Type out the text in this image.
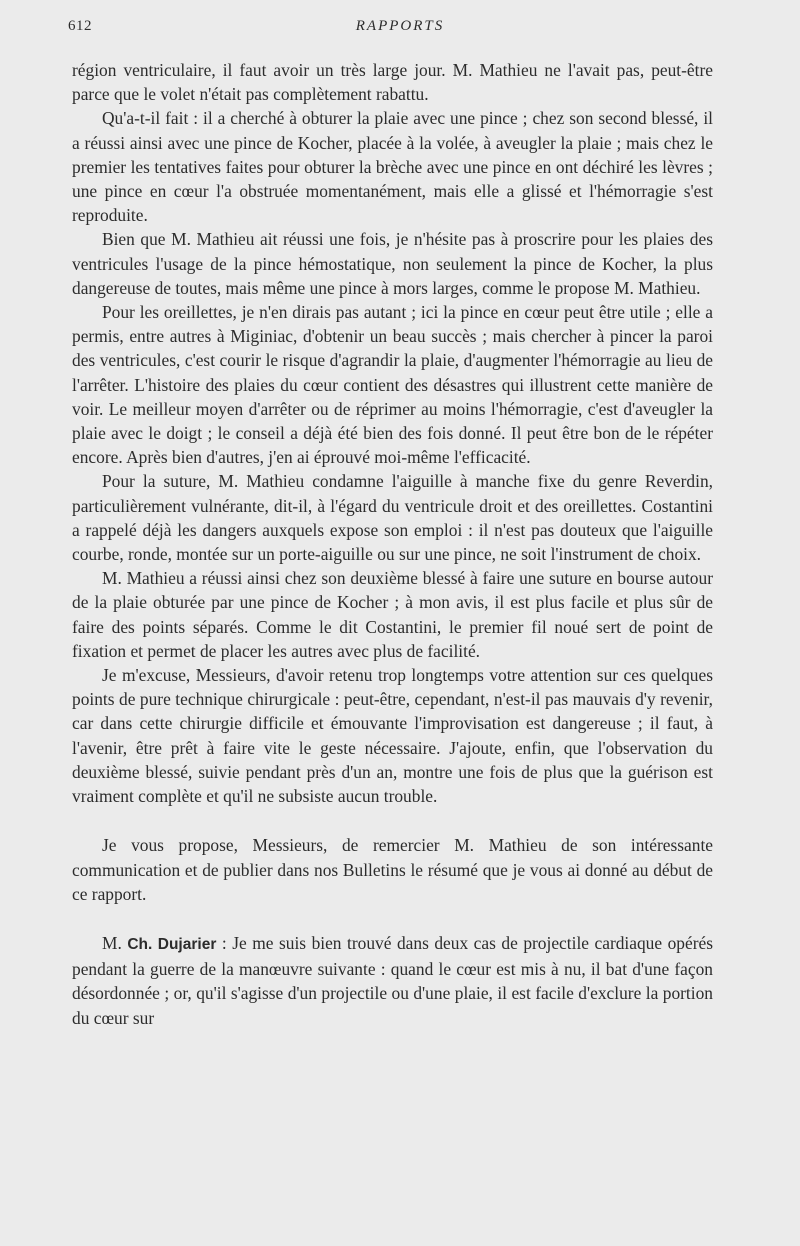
612	RAPPORTS

région ventriculaire, il faut avoir un très large jour. M. Mathieu ne l'avait pas, peut-être parce que le volet n'était pas complètement rabattu.

Qu'a-t-il fait : il a cherché à obturer la plaie avec une pince ; chez son second blessé, il a réussi ainsi avec une pince de Kocher, placée à la volée, à aveugler la plaie ; mais chez le premier les tentatives faites pour obturer la brèche avec une pince en ont déchiré les lèvres ; une pince en cœur l'a obstruée momentanément, mais elle a glissé et l'hémorragie s'est reproduite.

Bien que M. Mathieu ait réussi une fois, je n'hésite pas à proscrire pour les plaies des ventricules l'usage de la pince hémostatique, non seulement la pince de Kocher, la plus dangereuse de toutes, mais même une pince à mors larges, comme le propose M. Mathieu.

Pour les oreillettes, je n'en dirais pas autant ; ici la pince en cœur peut être utile ; elle a permis, entre autres à Miginiac, d'obtenir un beau succès ; mais chercher à pincer la paroi des ventricules, c'est courir le risque d'agrandir la plaie, d'augmenter l'hémorragie au lieu de l'arrêter. L'histoire des plaies du cœur contient des désastres qui illustrent cette manière de voir. Le meilleur moyen d'arrêter ou de réprimer au moins l'hémorragie, c'est d'aveugler la plaie avec le doigt ; le conseil a déjà été bien des fois donné. Il peut être bon de le répéter encore. Après bien d'autres, j'en ai éprouvé moi-même l'efficacité.

Pour la suture, M. Mathieu condamne l'aiguille à manche fixe du genre Reverdin, particulièrement vulnérante, dit-il, à l'égard du ventricule droit et des oreillettes. Costantini a rappelé déjà les dangers auxquels expose son emploi : il n'est pas douteux que l'aiguille courbe, ronde, montée sur un porte-aiguille ou sur une pince, ne soit l'instrument de choix.

M. Mathieu a réussi ainsi chez son deuxième blessé à faire une suture en bourse autour de la plaie obturée par une pince de Kocher ; à mon avis, il est plus facile et plus sûr de faire des points séparés. Comme le dit Costantini, le premier fil noué sert de point de fixation et permet de placer les autres avec plus de facilité.

Je m'excuse, Messieurs, d'avoir retenu trop longtemps votre attention sur ces quelques points de pure technique chirurgicale : peut-être, cependant, n'est-il pas mauvais d'y revenir, car dans cette chirurgie difficile et émouvante l'improvisation est dangereuse ; il faut, à l'avenir, être prêt à faire vite le geste nécessaire. J'ajoute, enfin, que l'observation du deuxième blessé, suivie pendant près d'un an, montre une fois de plus que la guérison est vraiment complète et qu'il ne subsiste aucun trouble.

Je vous propose, Messieurs, de remercier M. Mathieu de son intéressante communication et de publier dans nos Bulletins le résumé que je vous ai donné au début de ce rapport.

M. Ch. Dujarier : Je me suis bien trouvé dans deux cas de projectile cardiaque opérés pendant la guerre de la manœuvre suivante : quand le cœur est mis à nu, il bat d'une façon désordonnée ; or, qu'il s'agisse d'un projectile ou d'une plaie, il est facile d'exclure la portion du cœur sur
